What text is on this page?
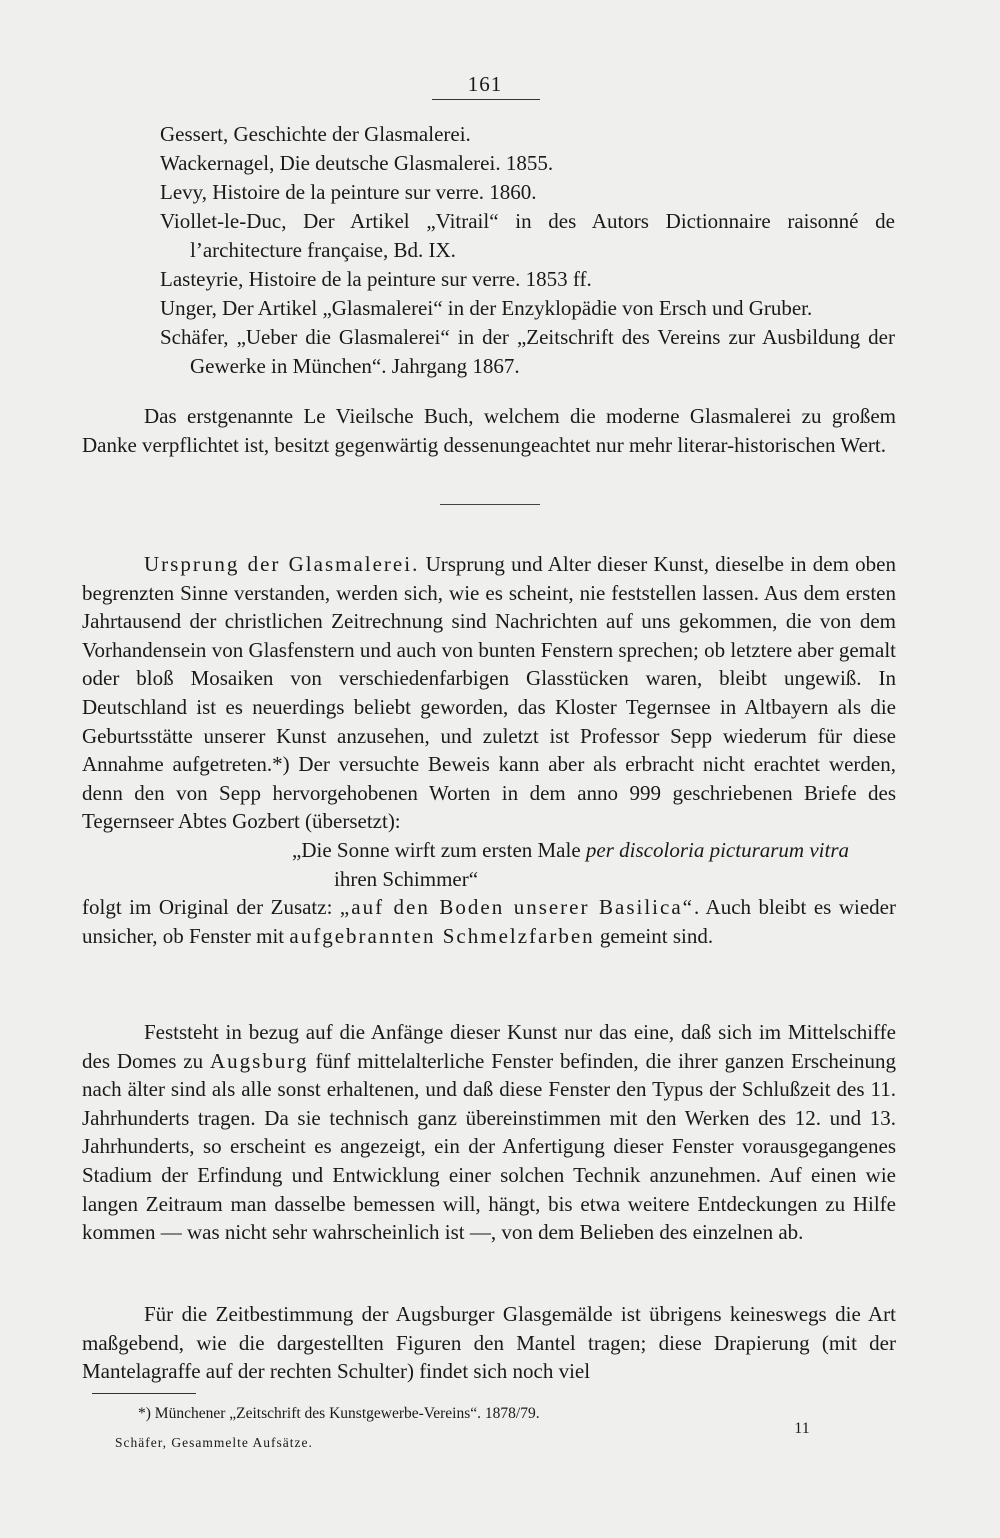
161
Gessert, Geschichte der Glasmalerei.
Wackernagel, Die deutsche Glasmalerei. 1855.
Levy, Histoire de la peinture sur verre. 1860.
Viollet-le-Duc, Der Artikel „Vitrail“ in des Autors Dictionnaire raisonné de l’architecture française, Bd. IX.
Lasteyrie, Histoire de la peinture sur verre. 1853 ff.
Unger, Der Artikel „Glasmalerei“ in der Enzyklopädie von Ersch und Gruber.
Schäfer, „Ueber die Glasmalerei“ in der „Zeitschrift des Vereins zur Ausbildung der Gewerke in München“. Jahrgang 1867.

Das erstgenannte Le Vieilsche Buch, welchem die moderne Glasmalerei zu großem Danke verpflichtet ist, besitzt gegenwärtig dessenungeachtet nur mehr literar-historischen Wert.

Ursprung der Glasmalerei. Ursprung und Alter dieser Kunst, dieselbe in dem oben begrenzten Sinne verstanden, werden sich, wie es scheint, nie feststellen lassen. Aus dem ersten Jahrtausend der christlichen Zeitrechnung sind Nachrichten auf uns gekommen, die von dem Vorhandensein von Glasfenstern und auch von bunten Fenstern sprechen; ob letztere aber gemalt oder bloß Mosaiken von verschiedenfarbigen Glasstücken waren, bleibt ungewiß. In Deutschland ist es neuerdings beliebt geworden, das Kloster Tegernsee in Altbayern als die Geburtsstätte unserer Kunst anzusehen, und zuletzt ist Professor Sepp wiederum für diese Annahme aufgetreten.*) Der versuchte Beweis kann aber als erbracht nicht erachtet werden, denn den von Sepp hervorgehobenen Worten in dem anno 999 geschriebenen Briefe des Tegernseer Abtes Gozbert (übersetzt):

„Die Sonne wirft zum ersten Male per discoloria picturarum vitra

ihren Schimmer“

folgt im Original der Zusatz: „auf den Boden unserer Basilica“. Auch bleibt es wieder unsicher, ob Fenster mit aufgebrannten Schmelzfarben gemeint sind.

Feststeht in bezug auf die Anfänge dieser Kunst nur das eine, daß sich im Mittelschiffe des Domes zu Augsburg fünf mittelalterliche Fenster befinden, die ihrer ganzen Erscheinung nach älter sind als alle sonst erhaltenen, und daß diese Fenster den Typus der Schlußzeit des 11. Jahrhunderts tragen. Da sie technisch ganz übereinstimmen mit den Werken des 12. und 13. Jahrhunderts, so erscheint es angezeigt, ein der Anfertigung dieser Fenster vorausgegangenes Stadium der Erfindung und Entwicklung einer solchen Technik anzunehmen. Auf einen wie langen Zeitraum man dasselbe bemessen will, hängt, bis etwa weitere Entdeckungen zu Hilfe kommen — was nicht sehr wahrscheinlich ist —, von dem Belieben des einzelnen ab.

Für die Zeitbestimmung der Augsburger Glasgemälde ist übrigens keineswegs die Art maßgebend, wie die dargestellten Figuren den Mantel tragen; diese Drapierung (mit der Mantelagraffe auf der rechten Schulter) findet sich noch viel

*) Münchener „Zeitschrift des Kunstgewerbe-Vereins“. 1878/79.
11
Schäfer, Gesammelte Aufsätze.
